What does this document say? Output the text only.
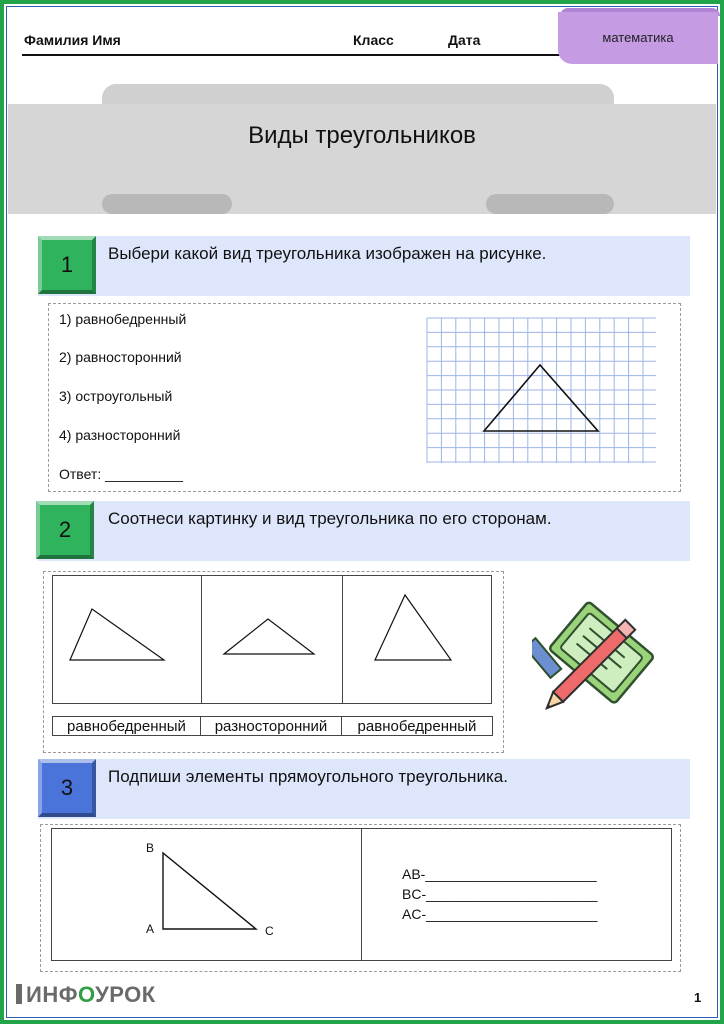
Фамилия Имя	Класс	Дата	математика
Виды треугольников
Выбери какой вид треугольника изображен на рисунке.
1
1) равнобедренный
2) равносторонний
3) остроугольный
4) разносторонний
Ответ: __________
Соотнеси картинку и вид треугольника по его сторонам.
2
равнобедренный	разносторонний	равнобедренный
Подпиши элементы прямоугольного треугольника.
3
B
A	C
AB-______________________
BC-______________________
AC-______________________
ИНФОУРОК	1
